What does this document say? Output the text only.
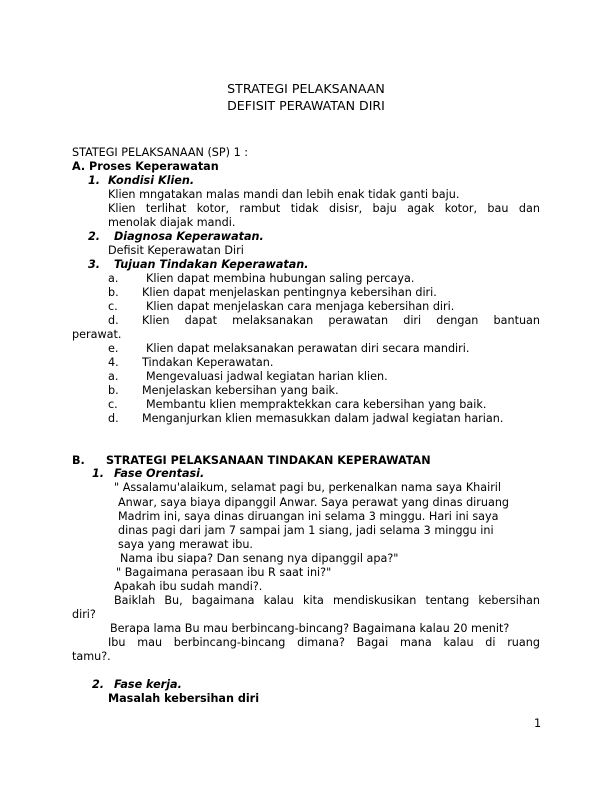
STRATEGI PELAKSANAAN
DEFISIT PERAWATAN DIRI
STATEGI PELAKSANAAN (SP) 1 :
A. Proses Keperawatan
1. Kondisi Klien.
Klien mngatakan malas mandi dan lebih enak tidak ganti baju.
Klien terlihat kotor, rambut tidak disisr, baju agak kotor, bau dan
menolak diajak mandi.
2. Diagnosa Keperawatan.
Defisit Keperawatan Diri
3. Tujuan Tindakan Keperawatan.
a. Klien dapat membina hubungan saling percaya.
b. Klien dapat menjelaskan pentingnya kebersihan diri.
c.	Klien dapat menjelaskan cara menjaga kebersihan diri.
d. Klien dapat melaksanakan perawatan diri dengan bantuan
perawat.
e. Klien dapat melaksanakan perawatan diri secara mandiri.
4. Tindakan Keperawatan.
a. Mengevaluasi jadwal kegiatan harian klien.
b. Menjelaskan kebersihan yang baik.
c.	Membantu klien mempraktekkan cara kebersihan yang baik.
d. Menganjurkan klien memasukkan dalam jadwal kegiatan harian.
B. STRATEGI PELAKSANAAN TINDAKAN KEPERAWATAN
1. Fase Orentasi.
" Assalamu'alaikum, selamat pagi bu, perkenalkan nama saya Khairil
Anwar, saya biaya dipanggil Anwar. Saya perawat yang dinas diruang
Madrim ini, saya dinas diruangan ini selama 3 minggu. Hari ini saya
dinas pagi dari jam 7 sampai jam 1 siang, jadi selama 3 minggu ini
saya yang merawat ibu.
Nama ibu siapa? Dan senang nya dipanggil apa?"
" Bagaimana perasaan ibu R saat ini?"
Apakah ibu sudah mandi?.
Baiklah Bu, bagaimana kalau kita mendiskusikan tentang kebersihan
diri?
Berapa lama Bu mau berbincang-bincang? Bagaimana kalau 20 menit?
Ibu mau berbincang-bincang dimana? Bagai mana kalau di ruang
tamu?.
2. Fase kerja.
Masalah kebersihan diri
1
